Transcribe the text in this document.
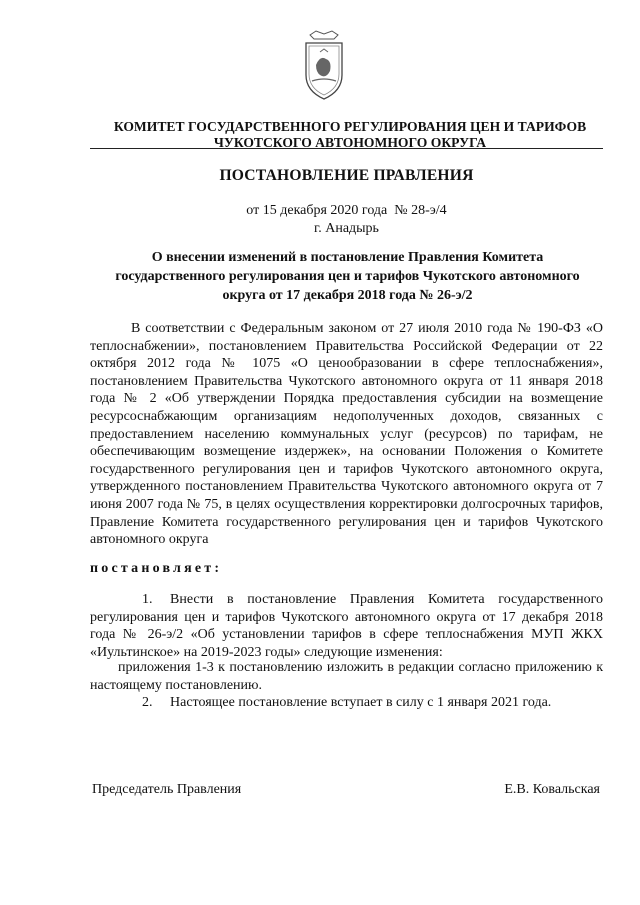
КОМИТЕТ ГОСУДАРСТВЕННОГО РЕГУЛИРОВАНИЯ ЦЕН И ТАРИФОВ
ЧУКОТСКОГО АВТОНОМНОГО ОКРУГА
ПОСТАНОВЛЕНИЕ ПРАВЛЕНИЯ
от 15 декабря 2020 года  № 28-э/4
г. Анадырь
О внесении изменений в постановление Правления Комитета
государственного регулирования цен и тарифов Чукотского автономного
округа от 17 декабря 2018 года № 26-э/2

В соответствии с Федеральным законом от 27 июля 2010 года № 190-ФЗ «О теплоснабжении», постановлением Правительства Российской Федерации от 22 октября 2012 года № 1075 «О ценообразовании в сфере теплоснабжения», постановлением Правительства Чукотского автономного округа от 11 января 2018 года № 2 «Об утверждении Порядка предоставления субсидии на возмещение ресурсоснабжающим организациям недополученных доходов, связанных с предоставлением населению коммунальных услуг (ресурсов) по тарифам, не обеспечивающим возмещение издержек», на основании Положения о Комитете государственного регулирования цен и тарифов Чукотского автономного округа, утвержденного постановлением Правительства Чукотского автономного округа от 7 июня 2007 года № 75, в целях осуществления корректировки долгосрочных тарифов, Правление Комитета государственного регулирования цен и тарифов Чукотского автономного округа

постановляет:

1. Внести в постановление Правления Комитета государственного регулирования цен и тарифов Чукотского автономного округа от 17 декабря 2018 года № 26-э/2 «Об установлении тарифов в сфере теплоснабжения МУП ЖКХ «Иультинское» на 2019-2023 годы» следующие изменения:

приложения 1-3 к постановлению изложить в редакции согласно приложению к настоящему постановлению.

2. Настоящее постановление вступает в силу с 1 января 2021 года.

Председатель Правления	Е.В. Ковальская
